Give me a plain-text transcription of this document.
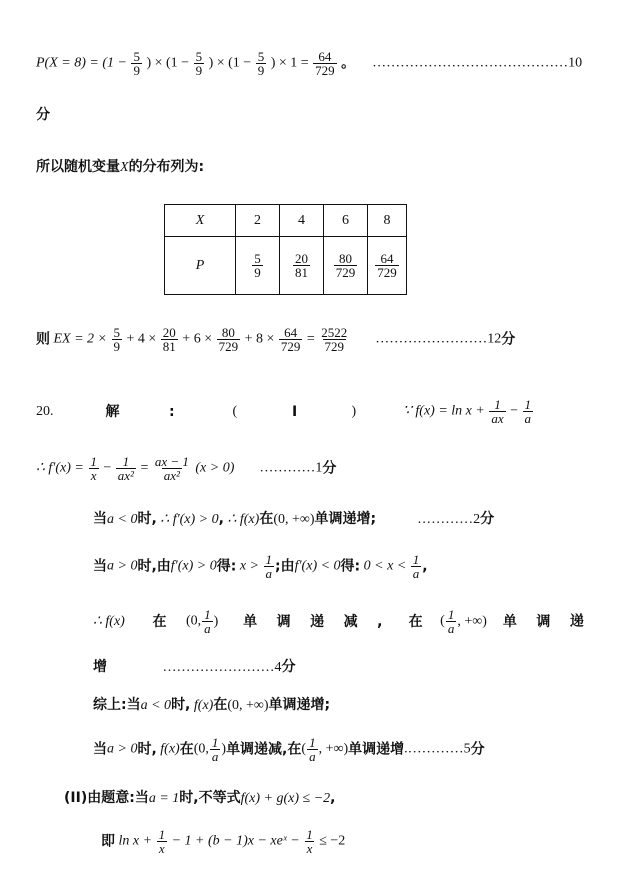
$P(X = 8) = (1 - \frac{5}{9}$ ) × ($1 - \frac{5}{9}$ ) × ($1 - \frac{5}{9}$ ) × $1 = \frac{64}{729}$ 。 ……………………………………10
分
所以随机变量X的分布列为:
X	2	4	6	8
P	$\frac{5}{9}$	$\frac{20}{81}$	$\frac{80}{729}$	$\frac{64}{729}$
则 EX = $2 \times \frac{5}{9} + 4 \times \frac{20}{81} + 6 \times \frac{80}{729} + 8 \times \frac{64}{729} = \frac{2522}{729}$ ……………………12分
20.	解	:	(	I	)	∵ $f(x) = \ln x + \frac{1}{ax} - \frac{1}{a}$
∴ $f'(x) = \frac{1}{x} - \frac{1}{\text{ax²}} = \frac{ax - 1}{\text{ax²}} (x > 0)$ …………1分
当a < 0时, ∴ f′(x) > 0, ∴ f(x)在(0, +∞)单调递增;	…………2分
当a > 0时,由f′(x) > 0得: $x > \frac{1}{a}$ ;由f′(x) < 0得: $0 < x < \frac{1}{a}$ ,
∴ f(x) 在 (0, $\frac{1}{a}$ ) 单 调 递 减 , 在 ( $\frac{1}{a}$ , +∞) 单 调 递
增	……………………4分
综上:当a < 0时, f(x)在(0, +∞)单调递增;
当a > 0时, f(x)在(0, $\frac{1}{a}$ )单调递减,在( $\frac{1}{a}$ , +∞)单调递增.…………5分
(II)由题意:当a = 1时,不等式f(x) + g(x) ≤ −2,
即 $\ln x + \frac{1}{x} - 1 + (b - 1)x$ − xeˣ − $\frac{1}{x} \le -2$
